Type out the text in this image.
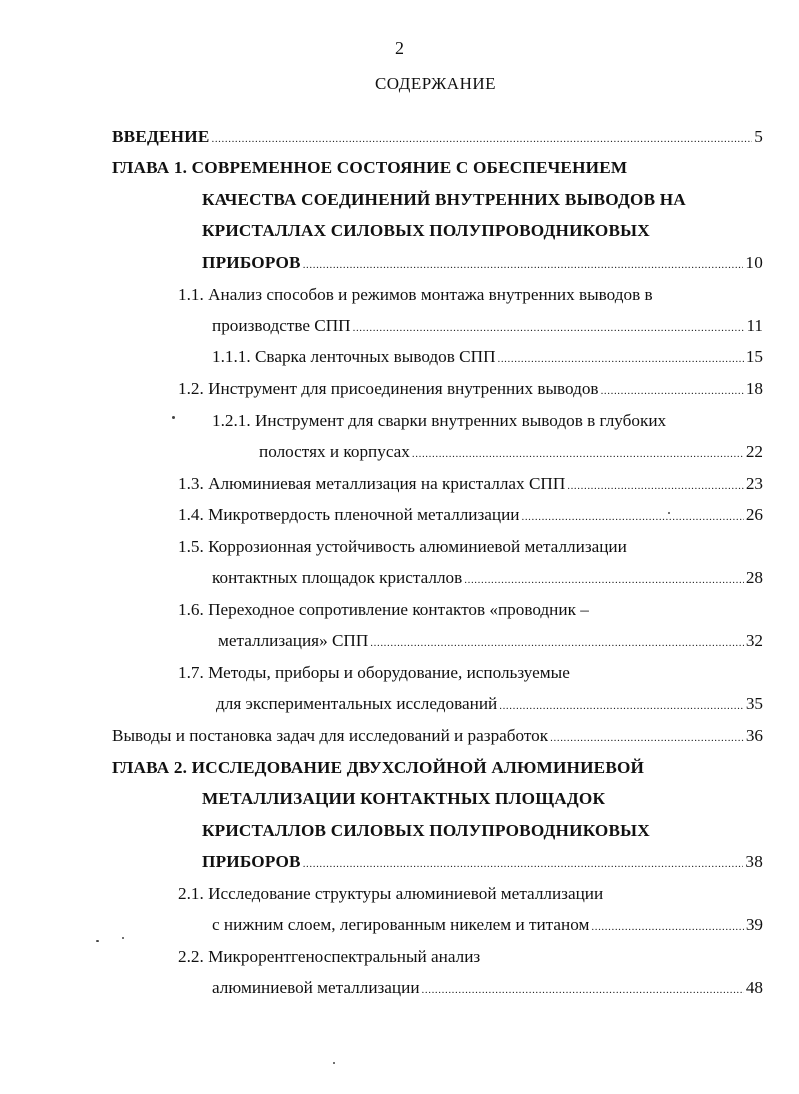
2
СОДЕРЖАНИЕ
ВВЕДЕНИЕ .....	5
ГЛАВА 1. СОВРЕМЕННОЕ СОСТОЯНИЕ С ОБЕСПЕЧЕНИЕМ
КАЧЕСТВА СОЕДИНЕНИЙ ВНУТРЕННИХ ВЫВОДОВ НА
КРИСТАЛЛАХ СИЛОВЫХ ПОЛУПРОВОДНИКОВЫХ
ПРИБОРОВ .....	10
1.1. Анализ способов и режимов монтажа внутренних выводов в
производстве СПП .....	11
1.1.1. Сварка ленточных выводов СПП .....	15
1.2. Инструмент для присоединения внутренних выводов .....	18
1.2.1. Инструмент для сварки внутренних выводов в глубоких
полостях и корпусах .....	22
1.3. Алюминиевая металлизация на кристаллах СПП .....	23
1.4. Микротвердость пленочной металлизации .....	26
1.5. Коррозионная устойчивость алюминиевой металлизации
контактных площадок кристаллов .....	28
1.6. Переходное сопротивление контактов «проводник –
металлизация» СПП .....	32
1.7. Методы, приборы и оборудование, используемые
для экспериментальных исследований .....	35
Выводы и постановка задач для исследований и разработок .....	36
ГЛАВА 2. ИССЛЕДОВАНИЕ ДВУХСЛОЙНОЙ АЛЮМИНИЕВОЙ
МЕТАЛЛИЗАЦИИ КОНТАКТНЫХ ПЛОЩАДОК
КРИСТАЛЛОВ СИЛОВЫХ ПОЛУПРОВОДНИКОВЫХ
ПРИБОРОВ .....	38
2.1. Исследование структуры алюминиевой металлизации
с нижним слоем, легированным никелем и титаном .....	39
2.2. Микрорентгеноспектральный анализ
алюминиевой металлизации .....	48
